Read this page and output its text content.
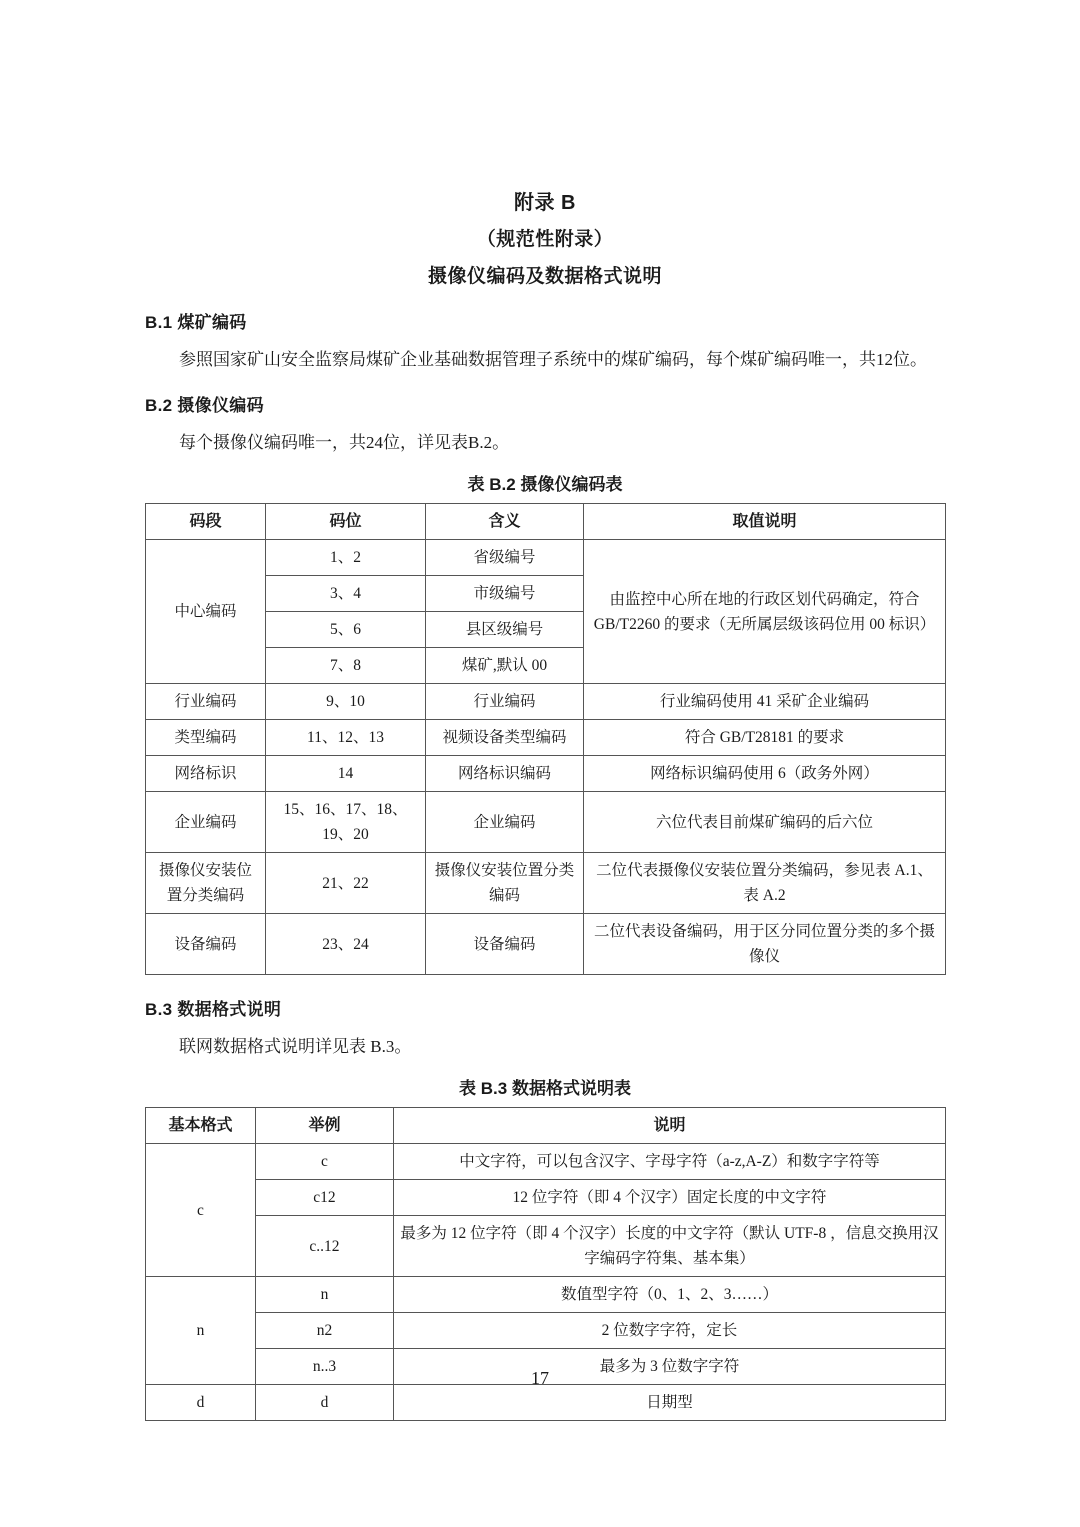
附录 B
（规范性附录）
摄像仪编码及数据格式说明
B.1 煤矿编码
参照国家矿山安全监察局煤矿企业基础数据管理子系统中的煤矿编码，每个煤矿编码唯一，共12位。
B.2 摄像仪编码
每个摄像仪编码唯一，共24位，详见表B.2。
表 B.2 摄像仪编码表
码段	码位	含义	取值说明
中心编码	1、2	省级编号	由监控中心所在地的行政区划代码确定，符合GB/T2260 的要求（无所属层级该码位用 00 标识）
	3、4	市级编号	
	5、6	县区级编号	
	7、8	煤矿,默认 00	
行业编码	9、10	行业编码	行业编码使用 41 采矿企业编码
类型编码	11、12、13	视频设备类型编码	符合 GB/T28181 的要求
网络标识	14	网络标识编码	网络标识编码使用 6（政务外网）
企业编码	15、16、17、18、19、20	企业编码	六位代表目前煤矿编码的后六位
摄像仪安装位置分类编码	21、22	摄像仪安装位置分类编码	二位代表摄像仪安装位置分类编码，参见表 A.1、表 A.2
设备编码	23、24	设备编码	二位代表设备编码，用于区分同位置分类的多个摄像仪
B.3 数据格式说明
联网数据格式说明详见表 B.3。
表 B.3 数据格式说明表
基本格式	举例	说明
c	c	中文字符，可以包含汉字、字母字符（a-z,A-Z）和数字字符等
	c12	12 位字符（即 4 个汉字）固定长度的中文字符
	c..12	最多为 12 位字符（即 4 个汉字）长度的中文字符（默认 UTF-8 ，信息交换用汉字编码字符集、基本集）
n	n	数值型字符（0、1、2、3……）
	n2	2 位数字字符，定长
	n..3	最多为 3 位数字字符
d	d	日期型
17
